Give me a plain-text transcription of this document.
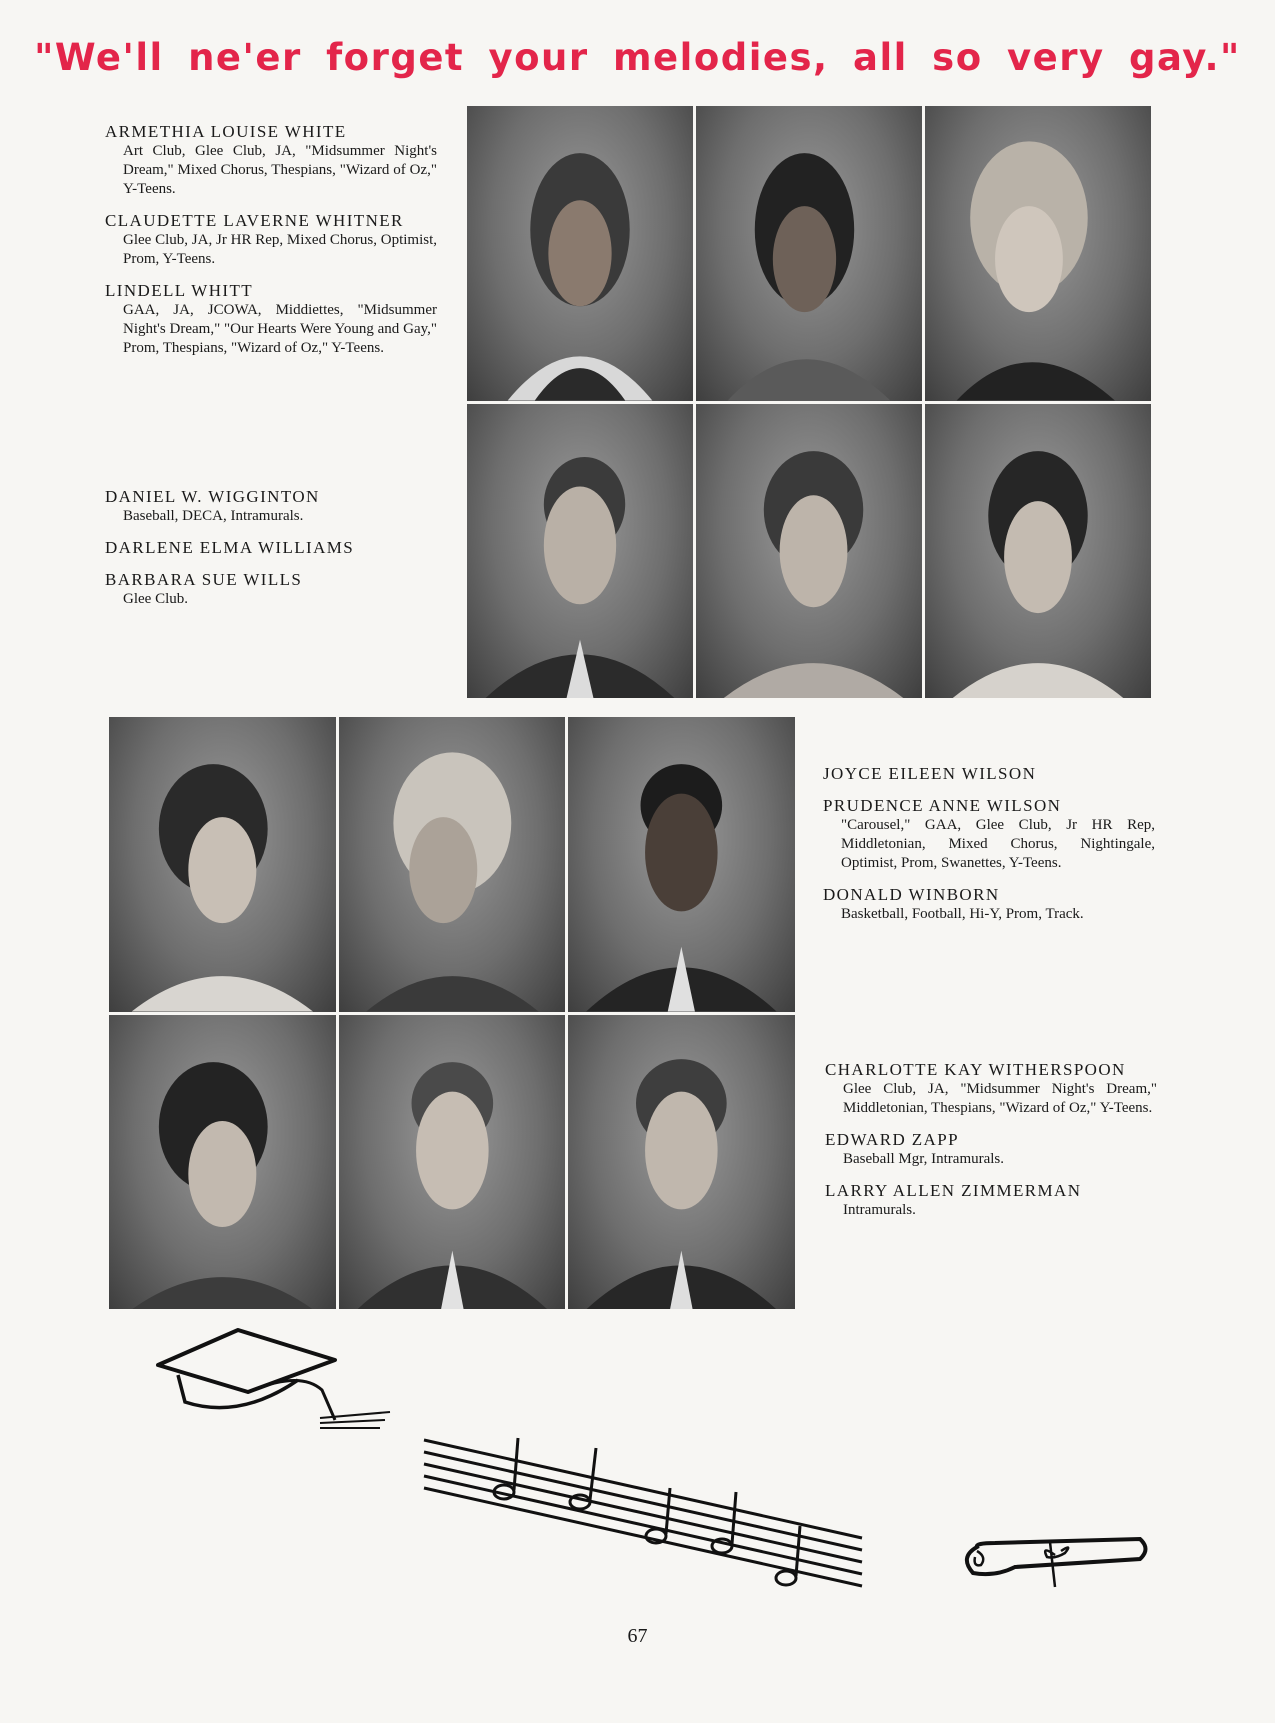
"We'll ne'er forget your melodies, all so very gay."
ARMETHIA LOUISE WHITE
Art Club, Glee Club, JA, "Midsummer Night's Dream," Mixed Chorus, Thespians, "Wizard of Oz," Y-Teens.
CLAUDETTE LAVERNE WHITNER
Glee Club, JA, Jr HR Rep, Mixed Chorus, Optimist, Prom, Y-Teens.
LINDELL WHITT
GAA, JA, JCOWA, Middiettes, "Midsummer Night's Dream," "Our Hearts Were Young and Gay," Prom, Thespians, "Wizard of Oz," Y-Teens.
DANIEL W. WIGGINTON
Baseball, DECA, Intramurals.
DARLENE ELMA WILLIAMS
BARBARA SUE WILLS
Glee Club.
JOYCE EILEEN WILSON
PRUDENCE ANNE WILSON
"Carousel," GAA, Glee Club, Jr HR Rep, Middletonian, Mixed Chorus, Nightingale, Optimist, Prom, Swanettes, Y-Teens.
DONALD WINBORN
Basketball, Football, Hi-Y, Prom, Track.
CHARLOTTE KAY WITHERSPOON
Glee Club, JA, "Midsummer Night's Dream," Middletonian, Thespians, "Wizard of Oz," Y-Teens.
EDWARD ZAPP
Baseball Mgr, Intramurals.
LARRY ALLEN ZIMMERMAN
Intramurals.
67
